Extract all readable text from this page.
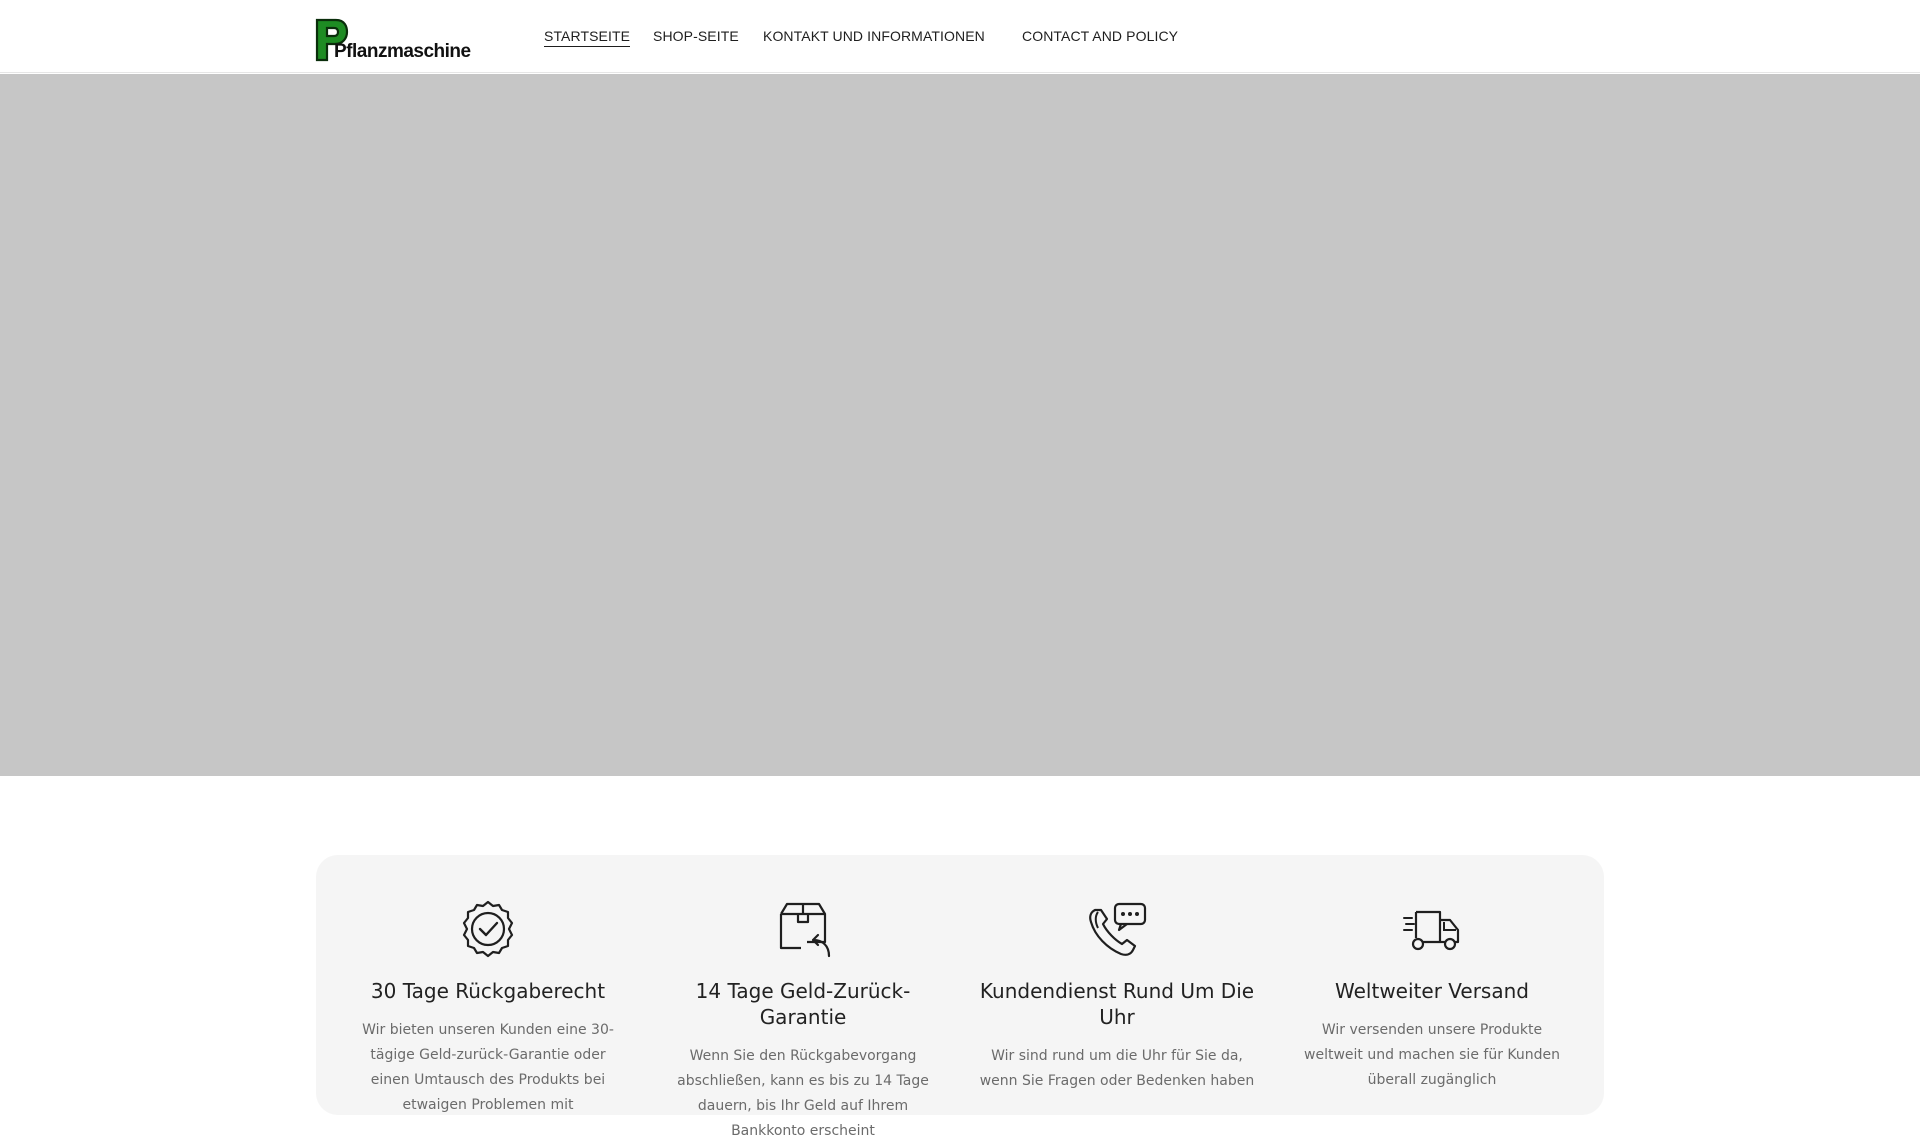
Pflanzmaschine
STARTSEITE SHOP-SEITE KONTAKT UND INFORMATIONEN	CONTACT AND POLICY
30 Tage Rückgaberecht
Wir bieten unseren Kunden eine 30-tägige Geld-zurück-Garantie oder einen Umtausch des Produkts bei etwaigen Problemen mit
14 Tage Geld-Zurück-Garantie
Wenn Sie den Rückgabevorgang abschließen, kann es bis zu 14 Tage dauern, bis Ihr Geld auf Ihrem Bankkonto erscheint
Kundendienst Rund Um Die Uhr
Wir sind rund um die Uhr für Sie da, wenn Sie Fragen oder Bedenken haben
Weltweiter Versand
Wir versenden unsere Produkte weltweit und machen sie für Kunden überall zugänglich
